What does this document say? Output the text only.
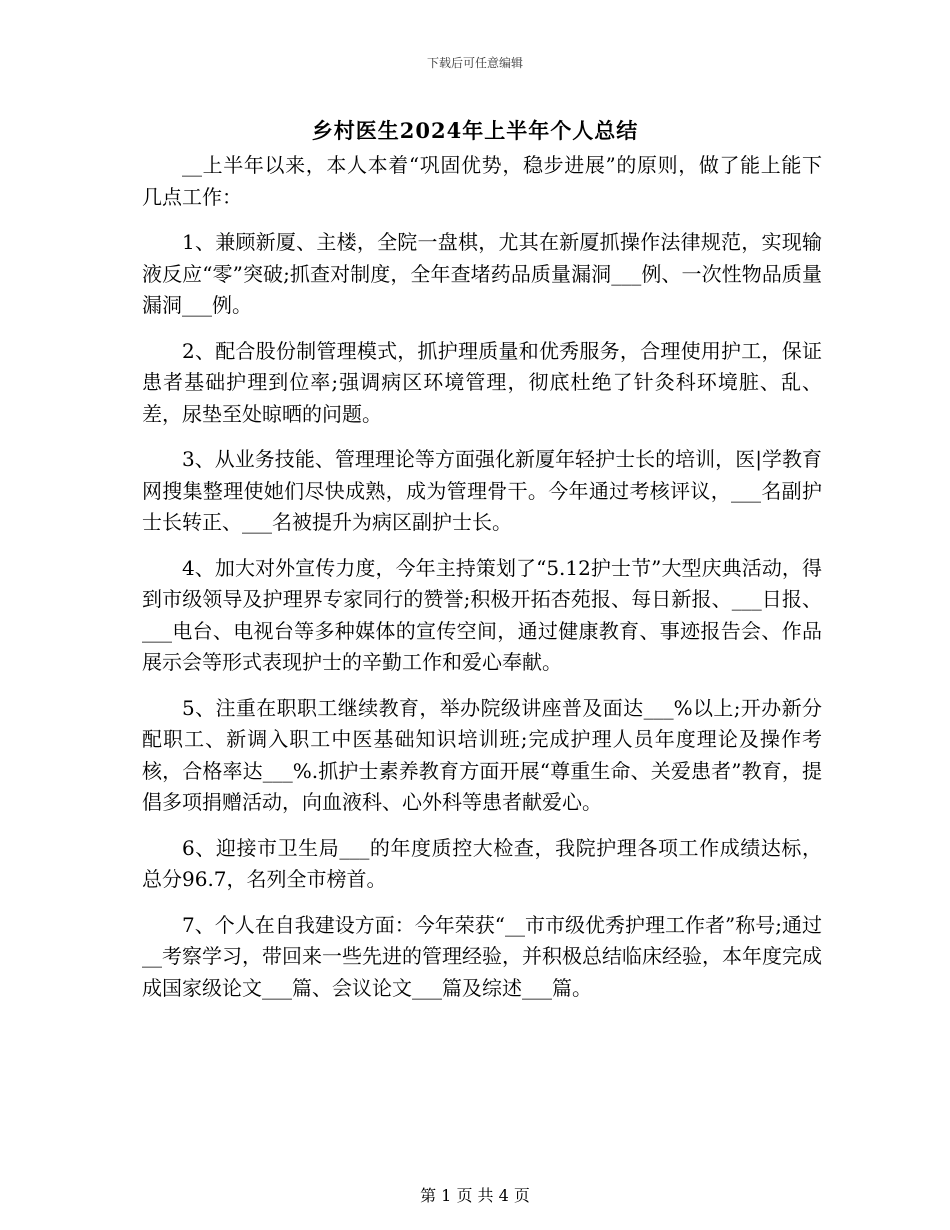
下载后可任意编辑
乡村医生2024年上半年个人总结

__上半年以来，本人本着“巩固优势，稳步进展”的原则，做了能上能下几点工作：

1、兼顾新厦、主楼，全院一盘棋，尤其在新厦抓操作法律规范，实现输液反应“零”突破;抓查对制度，全年查堵药品质量漏洞___例、一次性物品质量漏洞___例。

2、配合股份制管理模式，抓护理质量和优秀服务，合理使用护工，保证患者基础护理到位率;强调病区环境管理，彻底杜绝了针灸科环境脏、乱、差，尿垫至处晾晒的问题。

3、从业务技能、管理理论等方面强化新厦年轻护士长的培训，医|学教育网搜集整理使她们尽快成熟，成为管理骨干。今年通过考核评议，___名副护士长转正、___名被提升为病区副护士长。

4、加大对外宣传力度，今年主持策划了“5.12护士节”大型庆典活动，得到市级领导及护理界专家同行的赞誉;积极开拓杏苑报、每日新报、___日报、___电台、电视台等多种媒体的宣传空间，通过健康教育、事迹报告会、作品展示会等形式表现护士的辛勤工作和爱心奉献。

5、注重在职职工继续教育，举办院级讲座普及面达___%以上;开办新分配职工、新调入职工中医基础知识培训班;完成护理人员年度理论及操作考核，合格率达___%.抓护士素养教育方面开展“尊重生命、关爱患者”教育，提倡多项捐赠活动，向血液科、心外科等患者献爱心。

6、迎接市卫生局___的年度质控大检查，我院护理各项工作成绩达标，总分96.7，名列全市榜首。

7、个人在自我建设方面：今年荣获“__市市级优秀护理工作者”称号;通过__考察学习，带回来一些先进的管理经验，并积极总结临床经验，本年度完成成国家级论文___篇、会议论文___篇及综述___篇。

第 1 页 共 4 页
